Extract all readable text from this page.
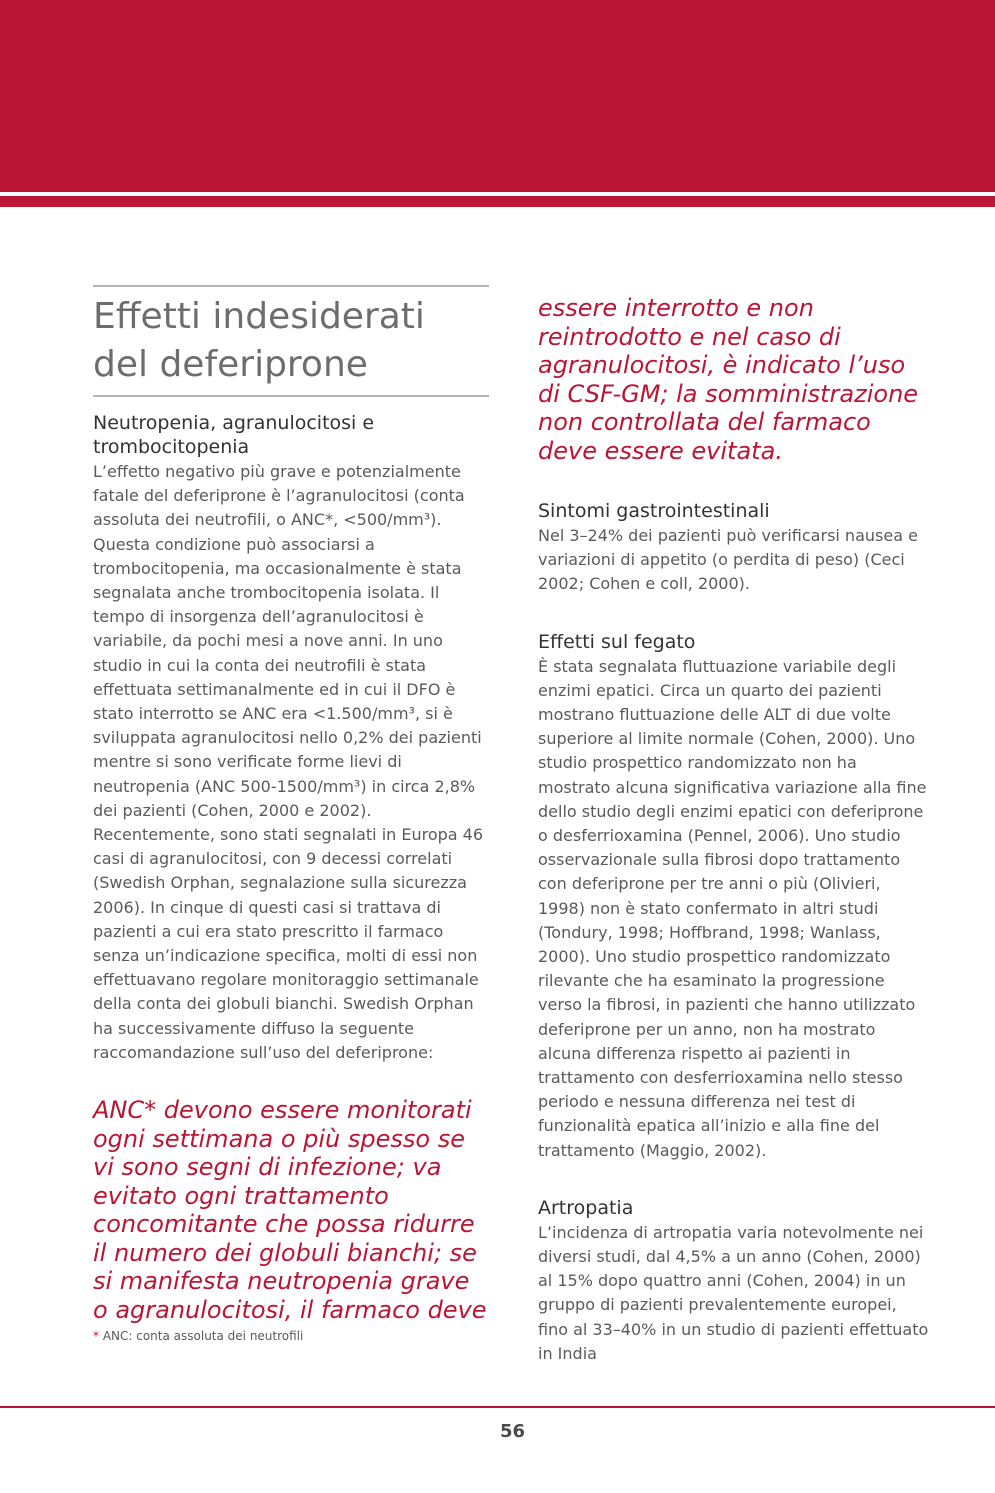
Effetti indesiderati
del deferiprone
Neutropenia, agranulocitosi e trombocitopenia

L’effetto negativo più grave e potenzialmente fatale del deferiprone è l’agranulocitosi (conta assoluta dei neutrofili, o ANC*, <500/mm³). Questa condizione può associarsi a trombocitopenia, ma occasionalmente è stata segnalata anche trombocitopenia isolata. Il tempo di insorgenza dell’agranulocitosi è variabile, da pochi mesi a nove anni. In uno studio in cui la conta dei neutrofili è stata effettuata settimanalmente ed in cui il DFO è stato interrotto se ANC era <1.500/mm³, si è sviluppata agranulocitosi nello 0,2% dei pazienti mentre si sono verificate forme lievi di neutropenia (ANC 500-1500/mm³) in circa 2,8% dei pazienti (Cohen, 2000 e 2002). Recentemente, sono stati segnalati in Europa 46 casi di agranulocitosi, con 9 decessi correlati (Swedish Orphan, segnalazione sulla sicurezza 2006). In cinque di questi casi si trattava di pazienti a cui era stato prescritto il farmaco senza un’indicazione specifica, molti di essi non effettuavano regolare monitoraggio settimanale della conta dei globuli bianchi. Swedish Orphan ha successivamente diffuso la seguente raccomandazione sull’uso del deferiprone:

ANC* devono essere monitorati ogni settimana o più spesso se vi sono segni di infezione; va evitato ogni trattamento concomitante che possa ridurre il numero dei globuli bianchi; se si manifesta neutropenia grave o agranulocitosi, il farmaco deve

* ANC: conta assoluta dei neutrofili

essere interrotto e non reintrodotto e nel caso di agranulocitosi, è indicato l’uso di CSF-GM; la somministrazione non controllata del farmaco deve essere evitata.

Sintomi gastrointestinali

Nel 3–24% dei pazienti può verificarsi nausea e variazioni di appetito (o perdita di peso) (Ceci 2002; Cohen e coll, 2000).

Effetti sul fegato

È stata segnalata fluttuazione variabile degli enzimi epatici. Circa un quarto dei pazienti mostrano fluttuazione delle ALT di due volte superiore al limite normale (Cohen, 2000). Uno studio prospettico randomizzato non ha mostrato alcuna significativa variazione alla fine dello studio degli enzimi epatici con deferiprone o desferrioxamina (Pennel, 2006). Uno studio osservazionale sulla fibrosi dopo trattamento con deferiprone per tre anni o più (Olivieri, 1998) non è stato confermato in altri studi (Tondury, 1998; Hoffbrand, 1998; Wanlass, 2000). Uno studio prospettico randomizzato rilevante che ha esaminato la progressione verso la fibrosi, in pazienti che hanno utilizzato deferiprone per un anno, non ha mostrato alcuna differenza rispetto ai pazienti in trattamento con desferrioxamina nello stesso periodo e nessuna differenza nei test di funzionalità epatica all’inizio e alla fine del trattamento (Maggio, 2002).

Artropatia

L’incidenza di artropatia varia notevolmente nei diversi studi, dal 4,5% a un anno (Cohen, 2000) al 15% dopo quattro anni (Cohen, 2004) in un gruppo di pazienti prevalentemente europei, fino al 33–40% in un studio di pazienti effettuato in India

56
